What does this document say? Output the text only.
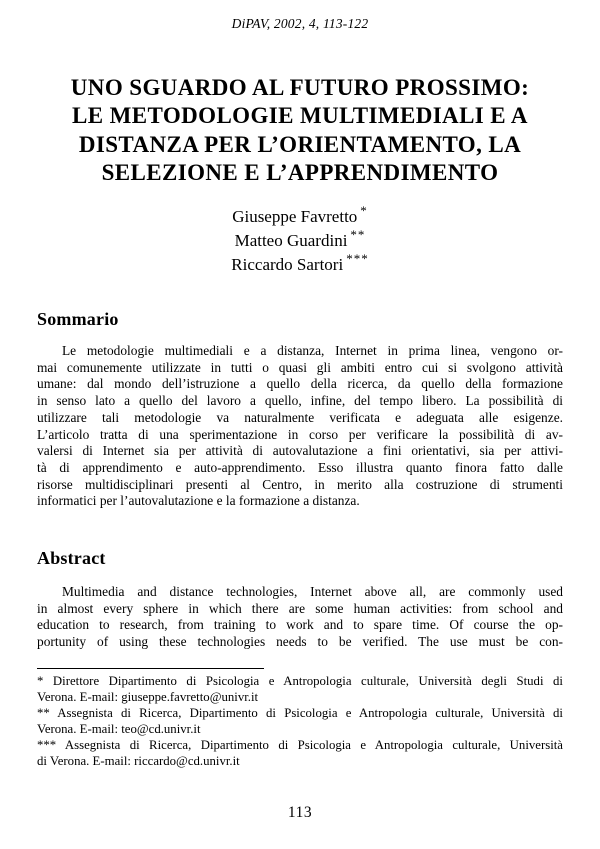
DiPAV, 2002, 4, 113-122
UNO SGUARDO AL FUTURO PROSSIMO:
LE METODOLOGIE MULTIMEDIALI E A
DISTANZA PER L’ORIENTAMENTO, LA
SELEZIONE E L’APPRENDIMENTO
Giuseppe Favretto *
Matteo Guardini **
Riccardo Sartori ***
Sommario
Le metodologie multimediali e a distanza, Internet in prima linea, vengono or-
mai comunemente utilizzate in tutti o quasi gli ambiti entro cui si svolgono attività
umane: dal mondo dell’istruzione a quello della ricerca, da quello della formazione
in senso lato a quello del lavoro a quello, infine, del tempo libero. La possibilità di
utilizzare tali metodologie va naturalmente verificata e adeguata alle esigenze.
L’articolo tratta di una sperimentazione in corso per verificare la possibilità di av-
valersi di Internet sia per attività di autovalutazione a fini orientativi, sia per attivi-
tà di apprendimento e auto-apprendimento. Esso illustra quanto finora fatto dalle
risorse multidisciplinari presenti al Centro, in merito alla costruzione di strumenti
informatici per l’autovalutazione e la formazione a distanza.
Abstract
Multimedia and distance technologies, Internet above all, are commonly used
in almost every sphere in which there are some human activities: from school and
education to research, from training to work and to spare time. Of course the op-
portunity of using these technologies needs to be verified. The use must be con-
* Direttore Dipartimento di Psicologia e Antropologia culturale, Università degli Studi di
Verona. E-mail: giuseppe.favretto@univr.it
** Assegnista di Ricerca, Dipartimento di Psicologia e Antropologia culturale, Università di
Verona. E-mail: teo@cd.univr.it
*** Assegnista di Ricerca, Dipartimento di Psicologia e Antropologia culturale, Università
di Verona. E-mail: riccardo@cd.univr.it
113
